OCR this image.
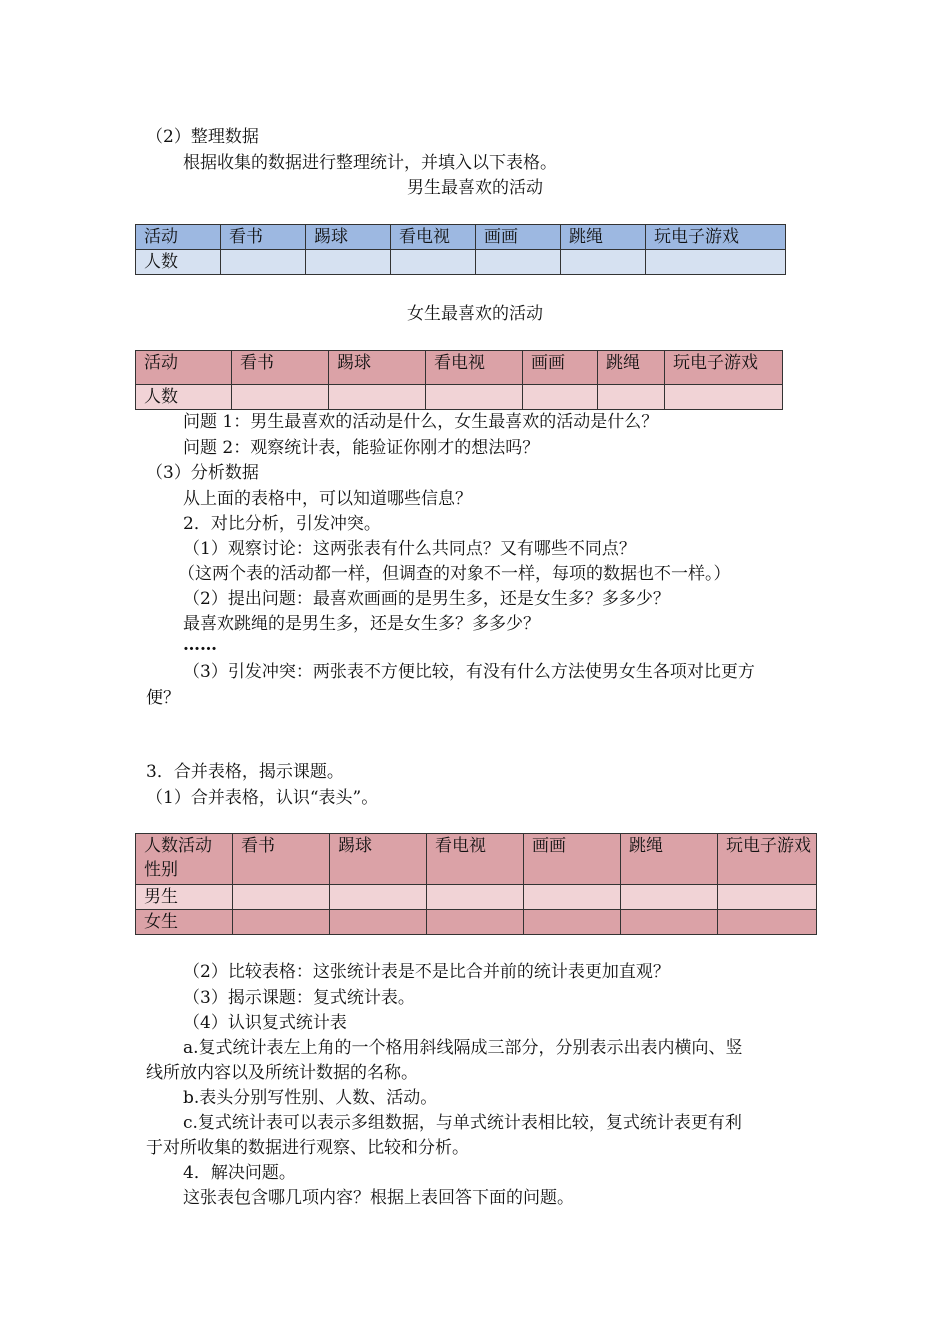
（2）整理数据
根据收集的数据进行整理统计，并填入以下表格。
男生最喜欢的活动
活动	看书	踢球	看电视	画画	跳绳	玩电子游戏
人数						
女生最喜欢的活动
活动	看书	踢球	看电视	画画	跳绳	玩电子游戏
人数						
问题 1：男生最喜欢的活动是什么，女生最喜欢的活动是什么？
问题 2：观察统计表，能验证你刚才的想法吗？
（3）分析数据
从上面的表格中，可以知道哪些信息？
2．对比分析，引发冲突。
（1）观察讨论：这两张表有什么共同点？又有哪些不同点？
（这两个表的活动都一样，但调查的对象不一样，每项的数据也不一样。）
（2）提出问题：最喜欢画画的是男生多，还是女生多？多多少？
最喜欢跳绳的是男生多，还是女生多？多多少？
……
（3）引发冲突：两张表不方便比较，有没有什么方法使男女生各项对比更方
便？
3．合并表格，揭示课题。
（1）合并表格，认识“表头”。
人数活动性别	看书	踢球	看电视	画画	跳绳	玩电子游戏
男生						
女生						
（2）比较表格：这张统计表是不是比合并前的统计表更加直观？
（3）揭示课题：复式统计表。
（4）认识复式统计表
a.复式统计表左上角的一个格用斜线隔成三部分，分别表示出表内横向、竖
线所放内容以及所统计数据的名称。
b.表头分别写性别、人数、活动。
c.复式统计表可以表示多组数据，与单式统计表相比较，复式统计表更有利
于对所收集的数据进行观察、比较和分析。
4．解决问题。
这张表包含哪几项内容？根据上表回答下面的问题。
